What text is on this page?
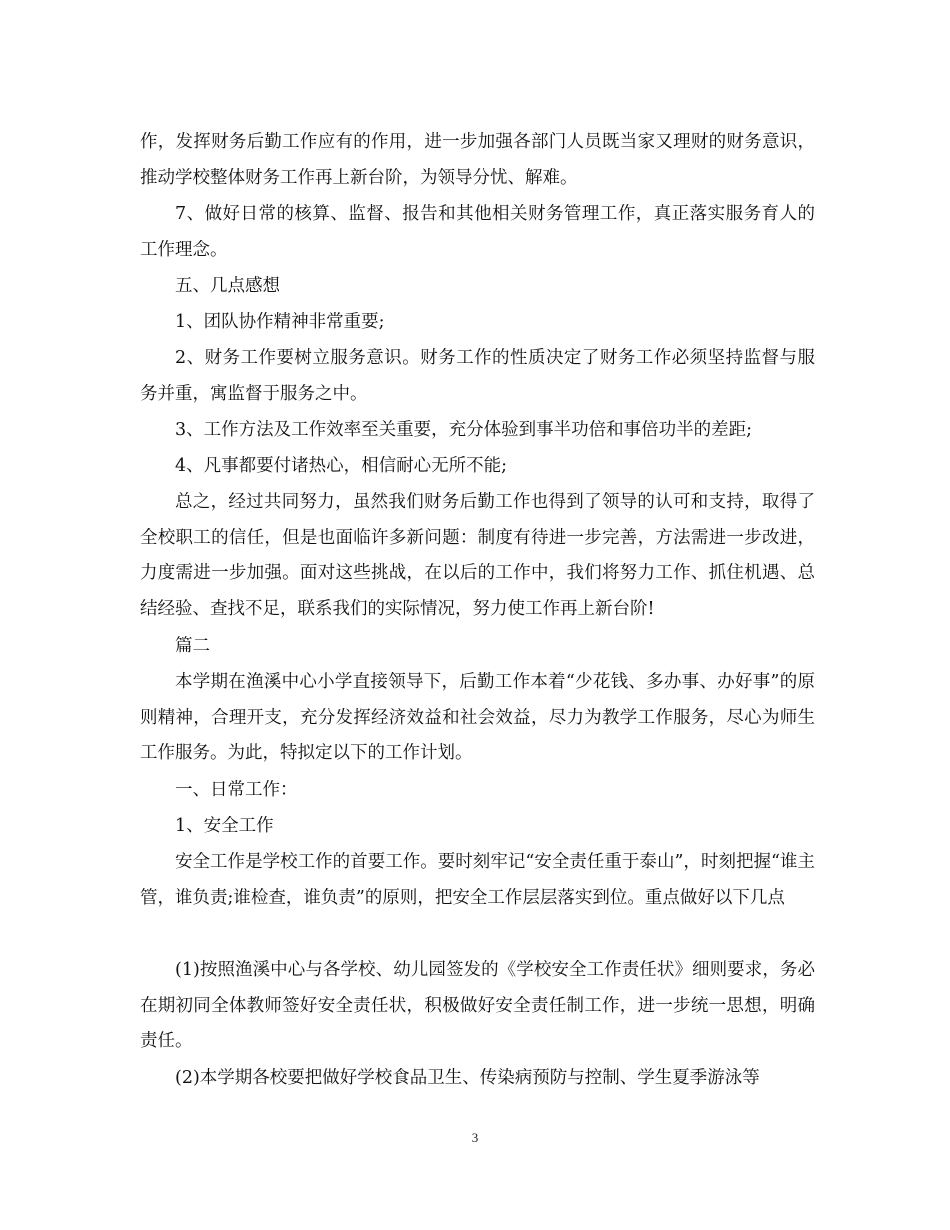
作，发挥财务后勤工作应有的作用，进一步加强各部门人员既当家又理财的财务意识，推动学校整体财务工作再上新台阶，为领导分忧、解难。

7、做好日常的核算、监督、报告和其他相关财务管理工作，真正落实服务育人的工作理念。

五、几点感想

1、团队协作精神非常重要;

2、财务工作要树立服务意识。财务工作的性质决定了财务工作必须坚持监督与服务并重，寓监督于服务之中。

3、工作方法及工作效率至关重要，充分体验到事半功倍和事倍功半的差距;

4、凡事都要付诸热心，相信耐心无所不能;

总之，经过共同努力，虽然我们财务后勤工作也得到了领导的认可和支持，取得了全校职工的信任，但是也面临许多新问题：制度有待进一步完善，方法需进一步改进，力度需进一步加强。面对这些挑战，在以后的工作中，我们将努力工作、抓住机遇、总结经验、查找不足，联系我们的实际情况，努力使工作再上新台阶!

篇二

本学期在渔溪中心小学直接领导下，后勤工作本着“少花钱、多办事、办好事”的原则精神，合理开支，充分发挥经济效益和社会效益，尽力为教学工作服务，尽心为师生工作服务。为此，特拟定以下的工作计划。

一、日常工作：

1、安全工作

安全工作是学校工作的首要工作。要时刻牢记“安全责任重于泰山”，时刻把握“谁主管，谁负责;谁检查，谁负责”的原则，把安全工作层层落实到位。重点做好以下几点

(1)按照渔溪中心与各学校、幼儿园签发的《学校安全工作责任状》细则要求，务必在期初同全体教师签好安全责任状，积极做好安全责任制工作，进一步统一思想，明确责任。

(2)本学期各校要把做好学校食品卫生、传染病预防与控制、学生夏季游泳等

3
